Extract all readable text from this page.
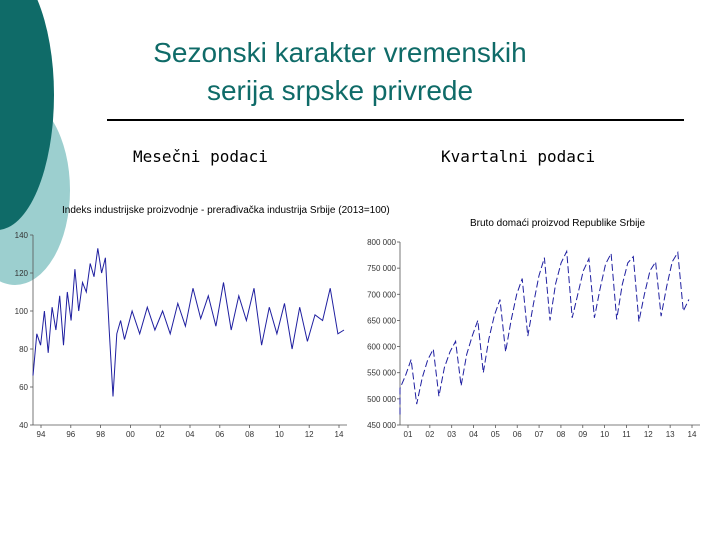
Sezonski karakter vremenskih
serija srpske privrede
Mesečni podaci	Kvartalni podaci
Indeks industrijske proizvodnje - prerađivačka industrija Srbije (2013=100)
140
120
100
80
60
40
94	96	98	00	02	04	06	08	10	12	14
Bruto domaći proizvod Republike Srbije
800 000
750 000
700 000
650 000
600 000
550 000
500 000
450 000
01 02 03 04 05 06 07 08 09 10 11 12 13 14
